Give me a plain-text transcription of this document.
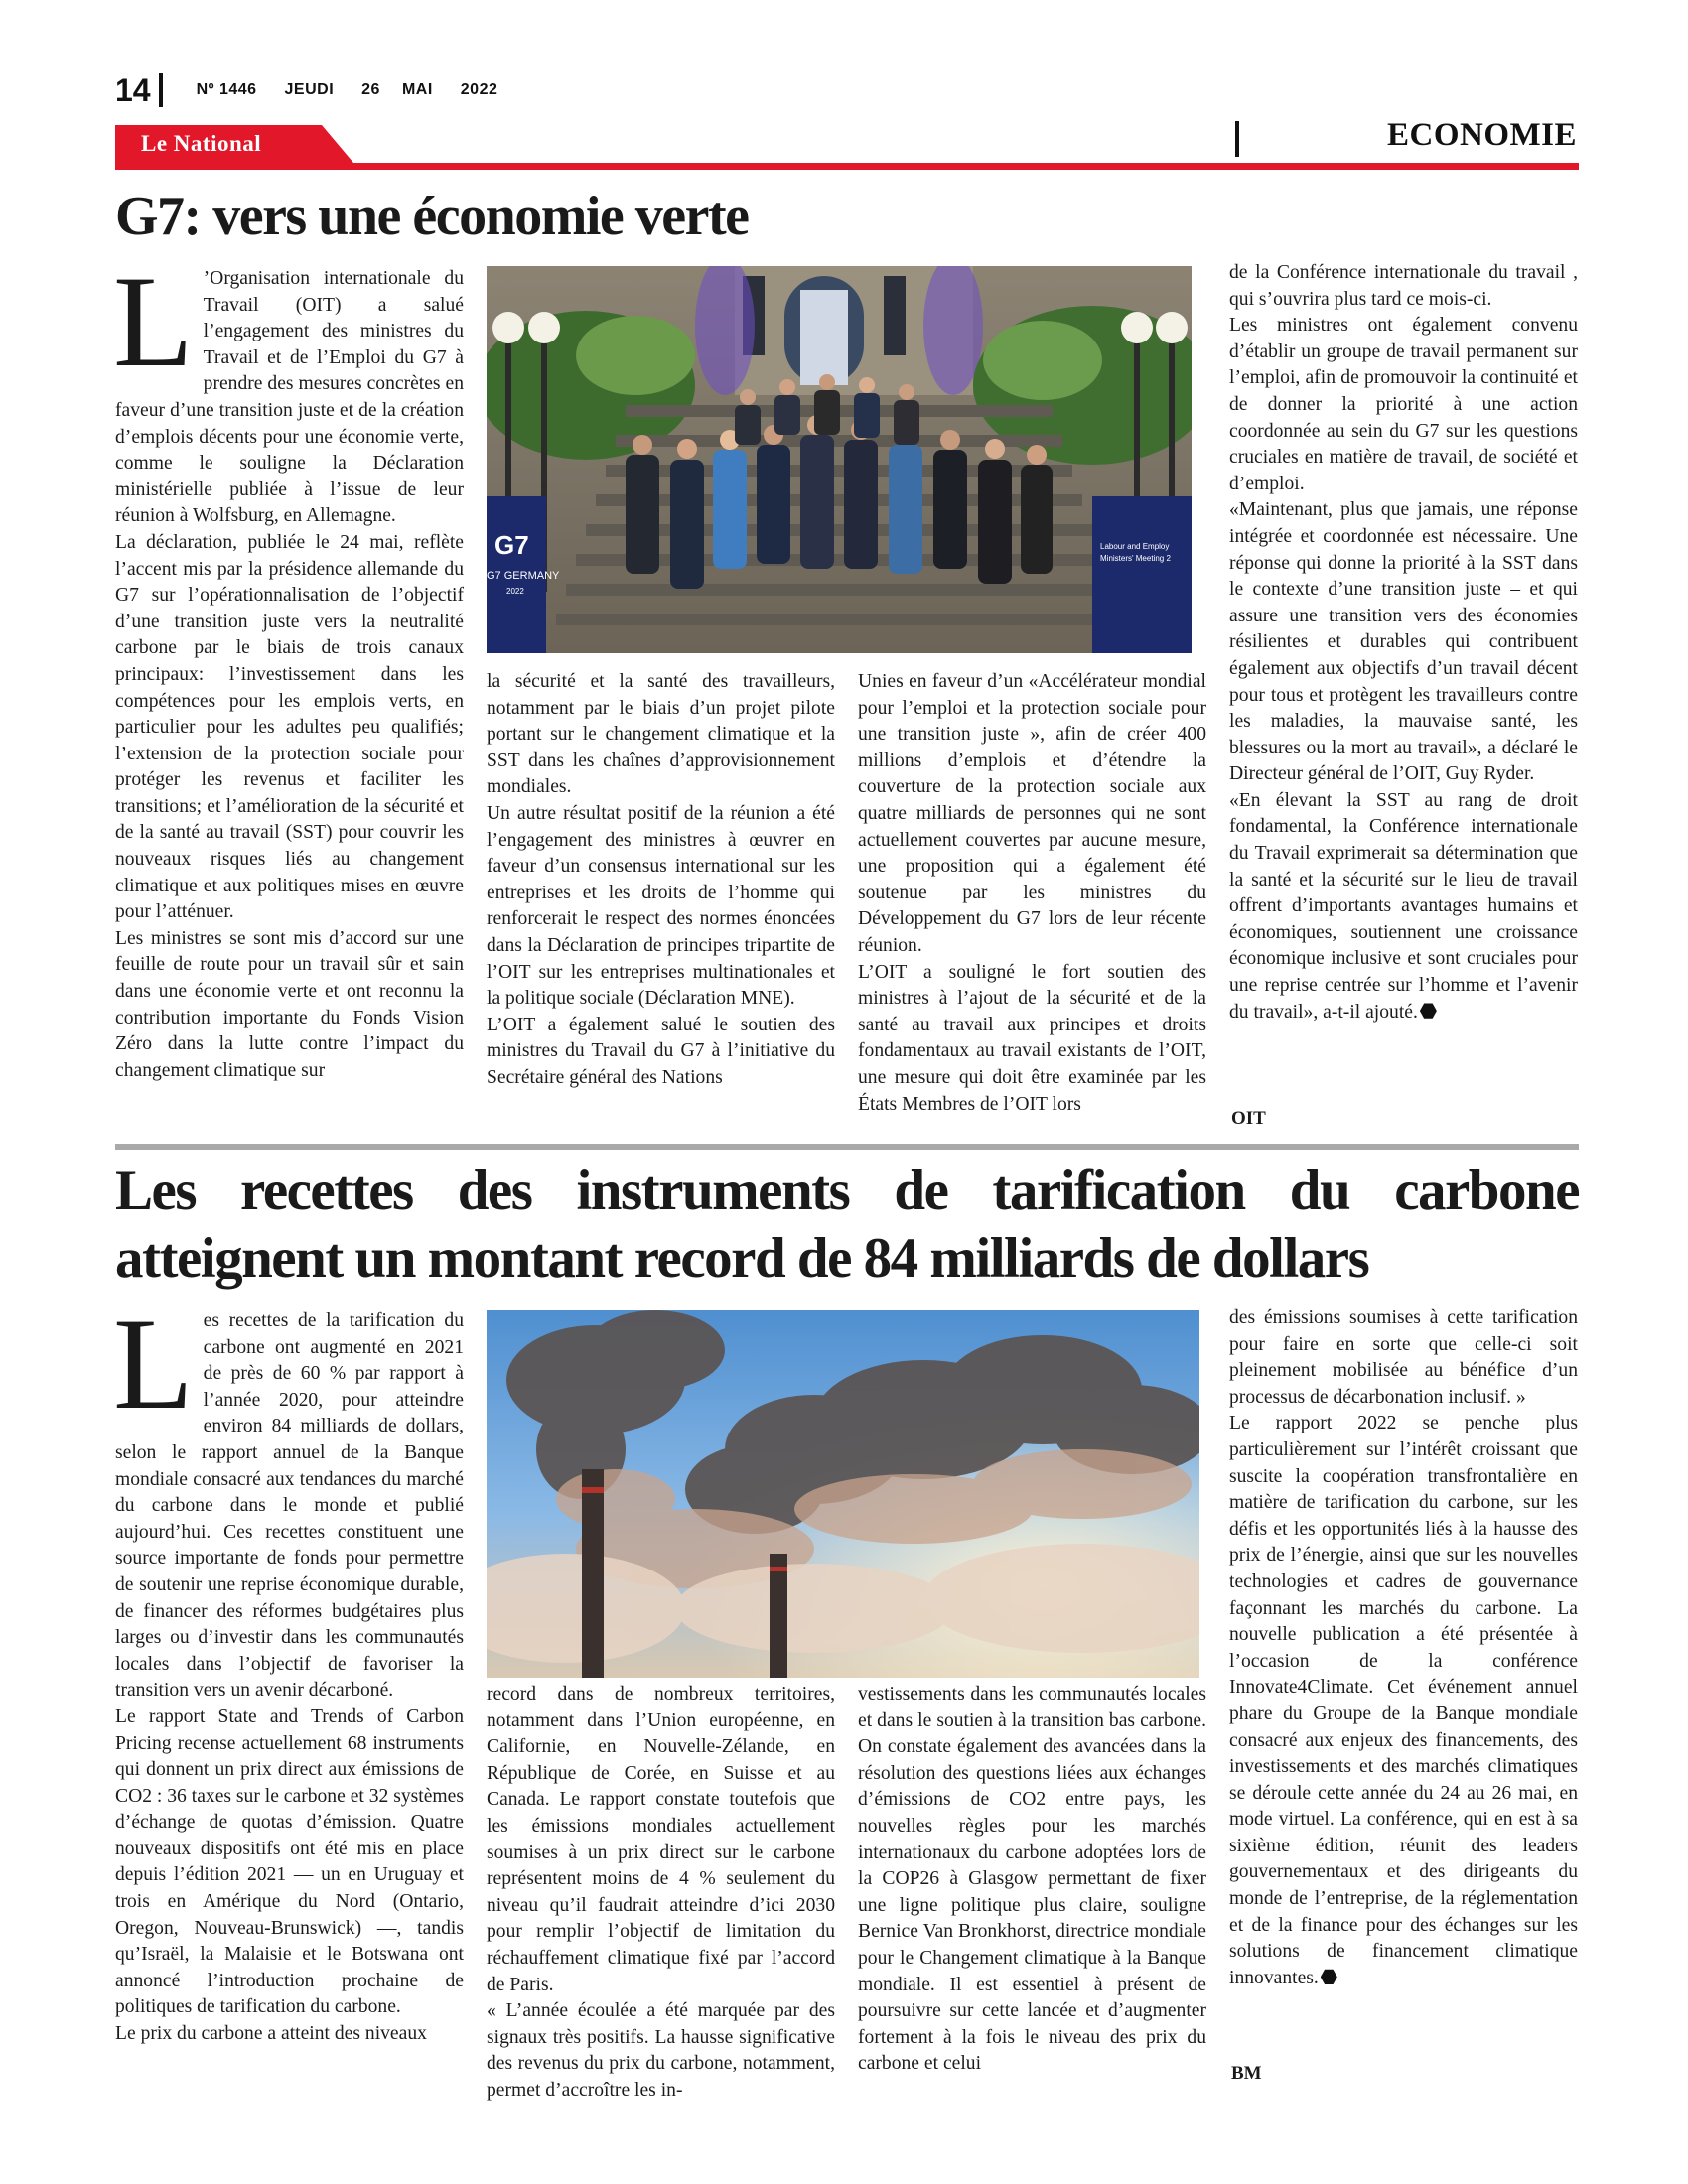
14	Nº 1446 JEUDI 26 MAI 2022
Le National	ECONOMIE
G7: vers une économie verte
L ’Organisation internationale du Travail (OIT) a salué l’engagement des ministres du Travail et de l’Emploi du G7 à prendre des mesures concrètes en faveur d’une transition juste et de la création d’emplois décents pour une économie verte, comme le souligne la Déclaration ministérielle publiée à l’issue de leur réunion à Wolfsburg, en Allemagne.

La déclaration, publiée le 24 mai, reflète l’accent mis par la présidence allemande du G7 sur l’opérationnalisation de l’objectif d’une transition juste vers la neutralité carbone par le biais de trois canaux principaux: l’investissement dans les compétences pour les emplois verts, en particulier pour les adultes peu qualifiés; l’extension de la protection sociale pour protéger les revenus et faciliter les transitions; et l’amélioration de la sécurité et de la santé au travail (SST) pour couvrir les nouveaux risques liés au changement climatique et aux politiques mises en œuvre pour l’atténuer.

Les ministres se sont mis d’accord sur une feuille de route pour un travail sûr et sain dans une économie verte et ont reconnu la contribution importante du Fonds Vision Zéro dans la lutte contre l’impact du changement climatique sur

G7
G7 GERMANY
2022
Labour and Employ
Ministers' Meeting 2

la sécurité et la santé des travailleurs, notamment par le biais d’un projet pilote portant sur le changement climatique et la SST dans les chaînes d’approvisionnement mondiales.

Un autre résultat positif de la réunion a été l’engagement des ministres à œuvrer en faveur d’un consensus international sur les entreprises et les droits de l’homme qui renforcerait le respect des normes énoncées dans la Déclaration de principes tripartite de l’OIT sur les entreprises multinationales et la politique sociale (Déclaration MNE).

L’OIT a également salué le soutien des ministres du Travail du G7 à l’initiative du Secrétaire général des Nations

Unies en faveur d’un «Accélérateur mondial pour l’emploi et la protection sociale pour une transition juste », afin de créer 400 millions d’emplois et d’étendre la couverture de la protection sociale aux quatre milliards de personnes qui ne sont actuellement couvertes par aucune mesure, une proposition qui a également été soutenue par les ministres du Développement du G7 lors de leur récente réunion.

L’OIT a souligné le fort soutien des ministres à l’ajout de la sécurité et de la santé au travail aux principes et droits fondamentaux au travail existants de l’OIT, une mesure qui doit être examinée par les États Membres de l’OIT lors

de la Conférence internationale du travail , qui s’ouvrira plus tard ce mois-ci.

Les ministres ont également convenu d’établir un groupe de travail permanent sur l’emploi, afin de promouvoir la continuité et de donner la priorité à une action coordonnée au sein du G7 sur les questions cruciales en matière de travail, de société et d’emploi.

«Maintenant, plus que jamais, une réponse intégrée et coordonnée est nécessaire. Une réponse qui donne la priorité à la SST dans le contexte d’une transition juste – et qui assure une transition vers des économies résilientes et durables qui contribuent également aux objectifs d’un travail décent pour tous et protègent les travailleurs contre les maladies, la mauvaise santé, les blessures ou la mort au travail», a déclaré le Directeur général de l’OIT, Guy Ryder.

«En élevant la SST au rang de droit fondamental, la Conférence internationale du Travail exprimerait sa détermination que la santé et la sécurité sur le lieu de travail offrent d’importants avantages humains et économiques, soutiennent une croissance économique inclusive et sont cruciales pour une reprise centrée sur l’homme et l’avenir du travail», a-t-il ajouté.

OIT
Les recettes des instruments de tarification du carbone atteignent un montant record de 84 milliards de dollars
L es recettes de la tarification du carbone ont augmenté en 2021 de près de 60 % par rapport à l’année 2020, pour atteindre environ 84 milliards de dollars, selon le rapport annuel de la Banque mondiale consacré aux tendances du marché du carbone dans le monde et publié aujourd’hui. Ces recettes constituent une source importante de fonds pour permettre de soutenir une reprise économique durable, de financer des réformes budgétaires plus larges ou d’investir dans les communautés locales dans l’objectif de favoriser la transition vers un avenir décarboné.

Le rapport State and Trends of Carbon Pricing recense actuellement 68 instruments qui donnent un prix direct aux émissions de CO2 : 36 taxes sur le carbone et 32 systèmes d’échange de quotas d’émission. Quatre nouveaux dispositifs ont été mis en place depuis l’édition 2021 — un en Uruguay et trois en Amérique du Nord (Ontario, Oregon, Nouveau-Brunswick) —, tandis qu’Israël, la Malaisie et le Botswana ont annoncé l’introduction prochaine de politiques de tarification du carbone.

Le prix du carbone a atteint des niveaux

record dans de nombreux territoires, notamment dans l’Union européenne, en Californie, en Nouvelle-Zélande, en République de Corée, en Suisse et au Canada. Le rapport constate toutefois que les émissions mondiales actuellement soumises à un prix direct sur le carbone représentent moins de 4 % seulement du niveau qu’il faudrait atteindre d’ici 2030 pour remplir l’objectif de limitation du réchauffement climatique fixé par l’accord de Paris.

« L’année écoulée a été marquée par des signaux très positifs. La hausse significative des revenus du prix du carbone, notamment, permet d’accroître les in-

vestissements dans les communautés locales et dans le soutien à la transition bas carbone. On constate également des avancées dans la résolution des questions liées aux échanges d’émissions de CO2 entre pays, les nouvelles règles pour les marchés internationaux du carbone adoptées lors de la COP26 à Glasgow permettant de fixer une ligne politique plus claire, souligne Bernice Van Bronkhorst, directrice mondiale pour le Changement climatique à la Banque mondiale. Il est essentiel à présent de poursuivre sur cette lancée et d’augmenter fortement à la fois le niveau des prix du carbone et celui

des émissions soumises à cette tarification pour faire en sorte que celle-ci soit pleinement mobilisée au bénéfice d’un processus de décarbonation inclusif. »

Le rapport 2022 se penche plus particulièrement sur l’intérêt croissant que suscite la coopération transfrontalière en matière de tarification du carbone, sur les défis et les opportunités liés à la hausse des prix de l’énergie, ainsi que sur les nouvelles technologies et cadres de gouvernance façonnant les marchés du carbone. La nouvelle publication a été présentée à l’occasion de la conférence Innovate4Climate. Cet événement annuel phare du Groupe de la Banque mondiale consacré aux enjeux des financements, des investissements et des marchés climatiques se déroule cette année du 24 au 26 mai, en mode virtuel. La conférence, qui en est à sa sixième édition, réunit des leaders gouvernementaux et des dirigeants du monde de l’entreprise, de la réglementation et de la finance pour des échanges sur les solutions de financement climatique innovantes.

BM
